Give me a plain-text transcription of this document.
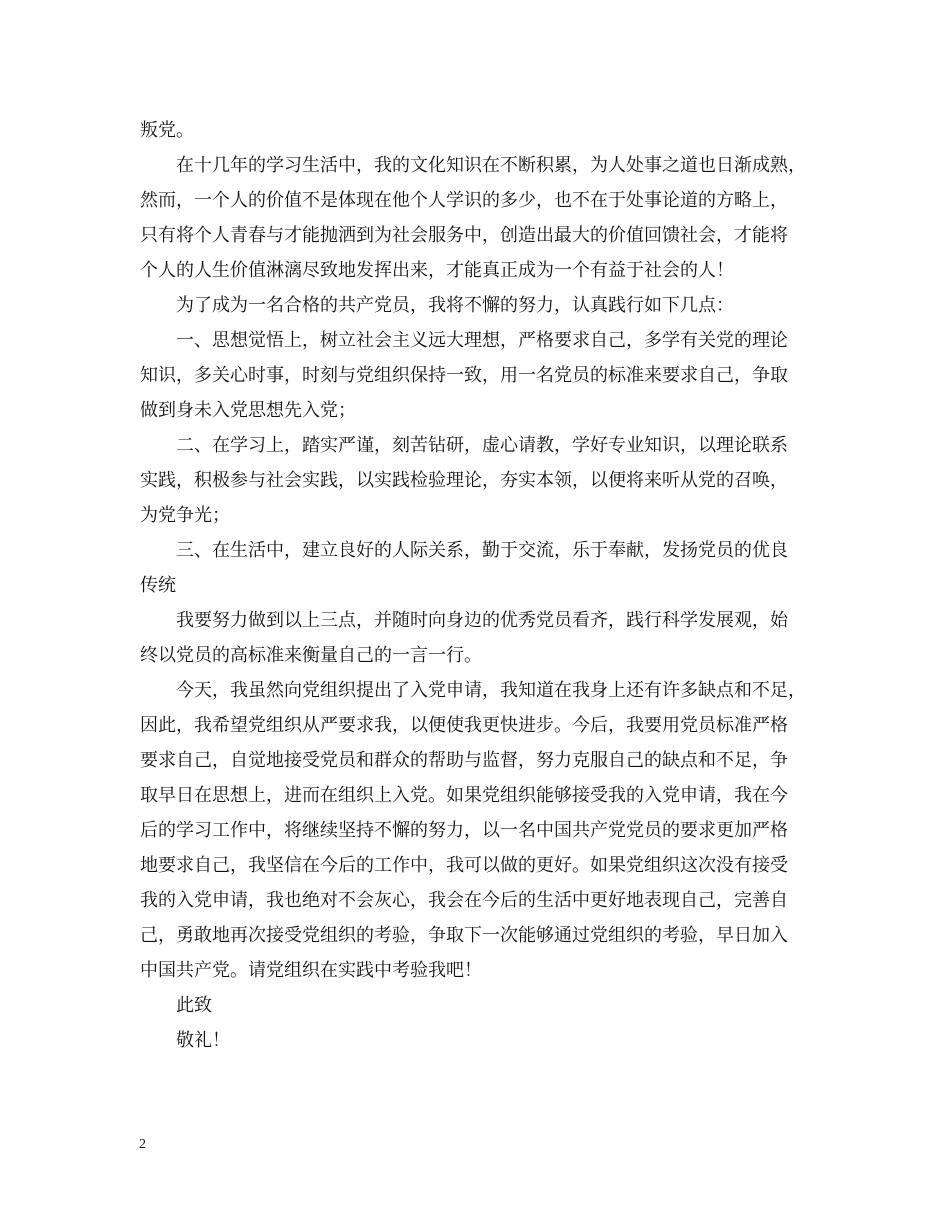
叛党。
在十几年的学习生活中，我的文化知识在不断积累，为人处事之道也日渐成熟，
然而，一个人的价值不是体现在他个人学识的多少，也不在于处事论道的方略上，
只有将个人青春与才能抛洒到为社会服务中，创造出最大的价值回馈社会，才能将
个人的人生价值淋漓尽致地发挥出来，才能真正成为一个有益于社会的人！
为了成为一名合格的共产党员，我将不懈的努力，认真践行如下几点：
一、思想觉悟上，树立社会主义远大理想，严格要求自己，多学有关党的理论
知识，多关心时事，时刻与党组织保持一致，用一名党员的标准来要求自己，争取
做到身未入党思想先入党；
二、在学习上，踏实严谨，刻苦钻研，虚心请教，学好专业知识，以理论联系
实践，积极参与社会实践，以实践检验理论，夯实本领，以便将来听从党的召唤，
为党争光；
三、在生活中，建立良好的人际关系，勤于交流，乐于奉献，发扬党员的优良
传统
我要努力做到以上三点，并随时向身边的优秀党员看齐，践行科学发展观，始
终以党员的高标准来衡量自己的一言一行。
今天，我虽然向党组织提出了入党申请，我知道在我身上还有许多缺点和不足，
因此，我希望党组织从严要求我，以便使我更快进步。今后，我要用党员标准严格
要求自己，自觉地接受党员和群众的帮助与监督，努力克服自己的缺点和不足，争
取早日在思想上，进而在组织上入党。如果党组织能够接受我的入党申请，我在今
后的学习工作中，将继续坚持不懈的努力，以一名中国共产党党员的要求更加严格
地要求自己，我坚信在今后的工作中，我可以做的更好。如果党组织这次没有接受
我的入党申请，我也绝对不会灰心，我会在今后的生活中更好地表现自己，完善自
己，勇敢地再次接受党组织的考验，争取下一次能够通过党组织的考验，早日加入
中国共产党。请党组织在实践中考验我吧！
此致
敬礼！
2
